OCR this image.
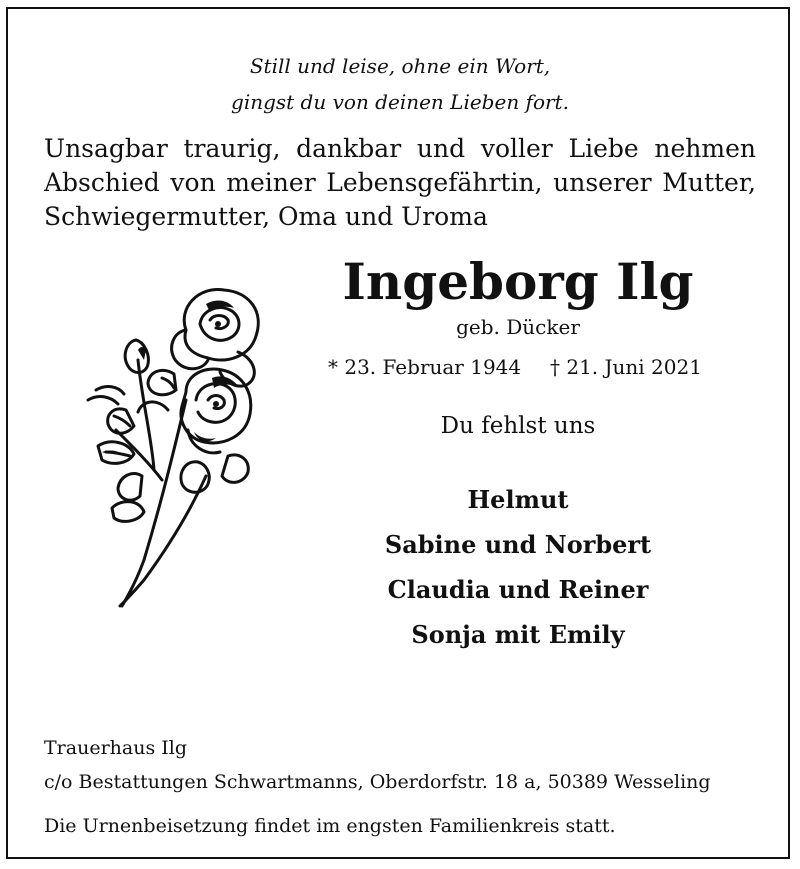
Still und leise, ohne ein Wort,
gingst du von deinen Lieben fort.
Unsagbar traurig, dankbar und voller Liebe nehmen
Abschied von meiner Lebensgefährtin, unserer Mutter,
Schwiegermutter, Oma und Uroma
Ingeborg Ilg
geb. Dücker
* 23. Februar 1944 † 21. Juni 2021
Du fehlst uns
Helmut
Sabine und Norbert
Claudia und Reiner
Sonja mit Emily
Trauerhaus Ilg
c/o Bestattungen Schwartmanns, Oberdorfstr. 18 a, 50389 Wesseling
Die Urnenbeisetzung findet im engsten Familienkreis statt.
